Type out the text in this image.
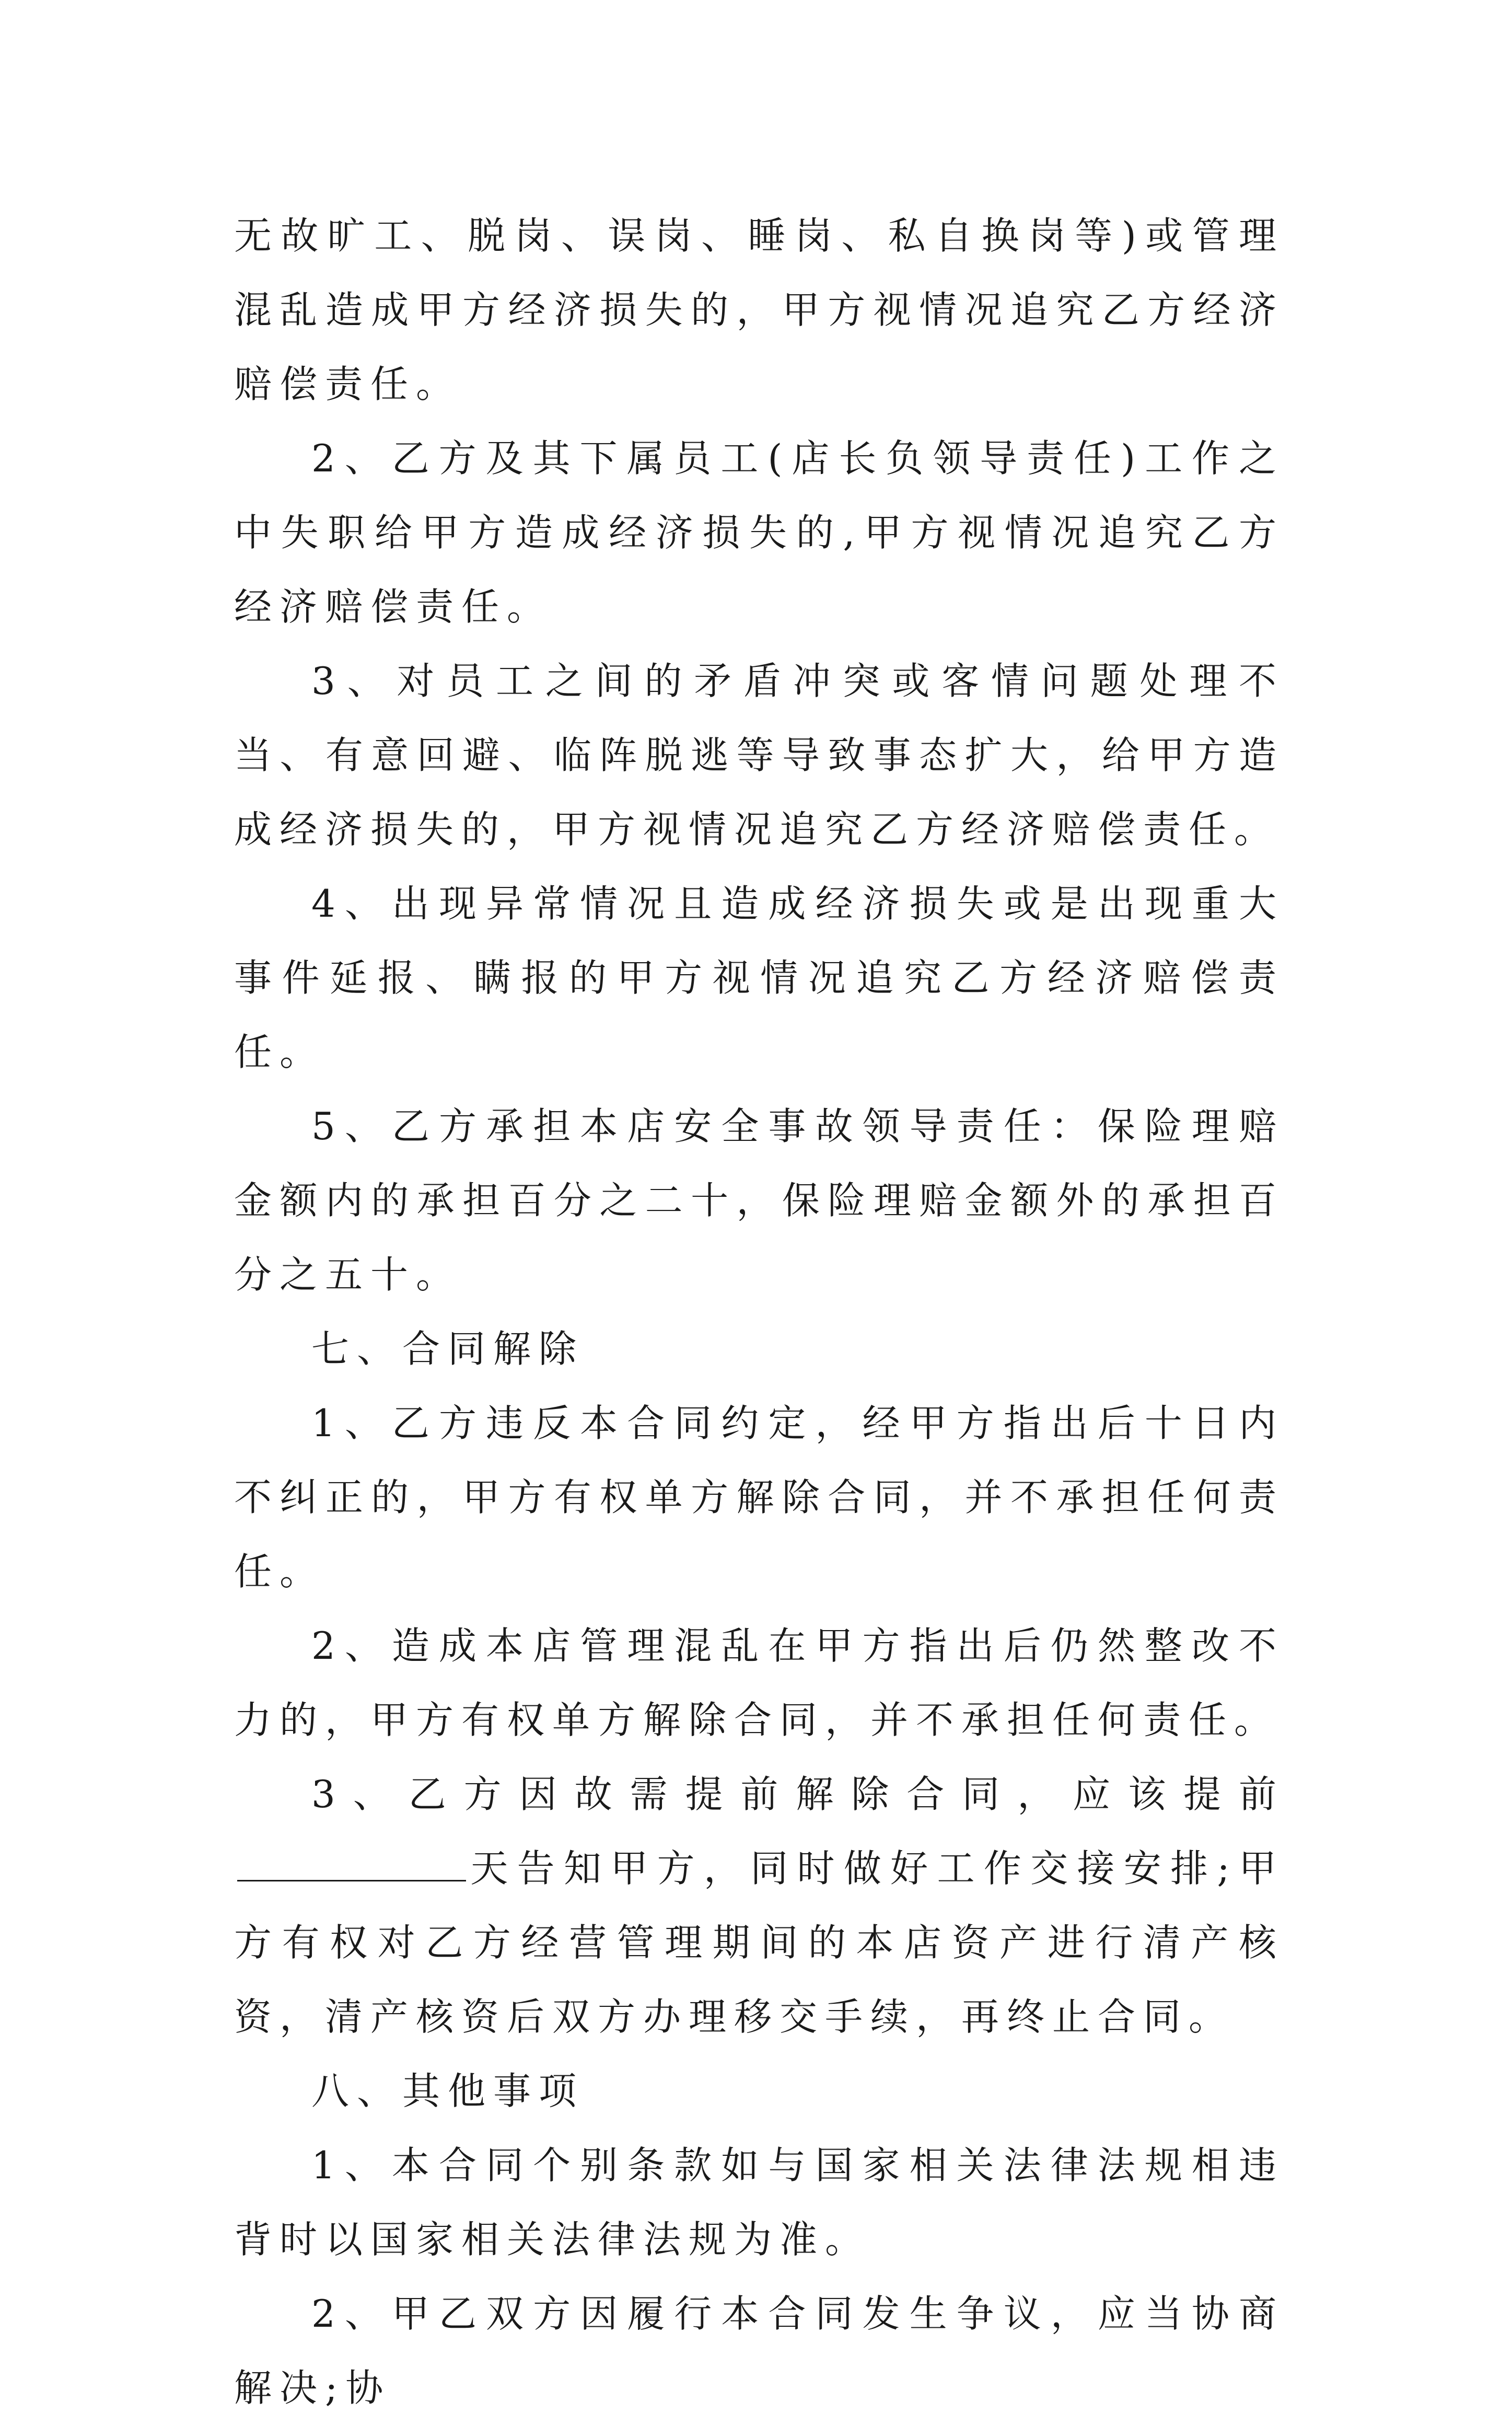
无故旷工、脱岗、误岗、睡岗、私自换岗等)或管理混乱造成甲方经济损失的，甲方视情况追究乙方经济赔偿责任。

2、乙方及其下属员工(店长负领导责任)工作之中失职给甲方造成经济损失的,甲方视情况追究乙方经济赔偿责任。

3、对员工之间的矛盾冲突或客情问题处理不当、有意回避、临阵脱逃等导致事态扩大，给甲方造成经济损失的，甲方视情况追究乙方经济赔偿责任。

4、出现异常情况且造成经济损失或是出现重大事件延报、瞒报的甲方视情况追究乙方经济赔偿责任。

5、乙方承担本店安全事故领导责任：保险理赔金额内的承担百分之二十，保险理赔金额外的承担百分之五十。

七、合同解除

1、乙方违反本合同约定，经甲方指出后十日内不纠正的，甲方有权单方解除合同，并不承担任何责任。

2、造成本店管理混乱在甲方指出后仍然整改不力的，甲方有权单方解除合同，并不承担任何责任。

3、乙方因故需提前解除合同，应该提前天告知甲方，同时做好工作交接安排;甲方有权对乙方经营管理期间的本店资产进行清产核资，清产核资后双方办理移交手续，再终止合同。

八、其他事项

1、本合同个别条款如与国家相关法律法规相违背时以国家相关法律法规为准。

2、甲乙双方因履行本合同发生争议，应当协商解决;协
